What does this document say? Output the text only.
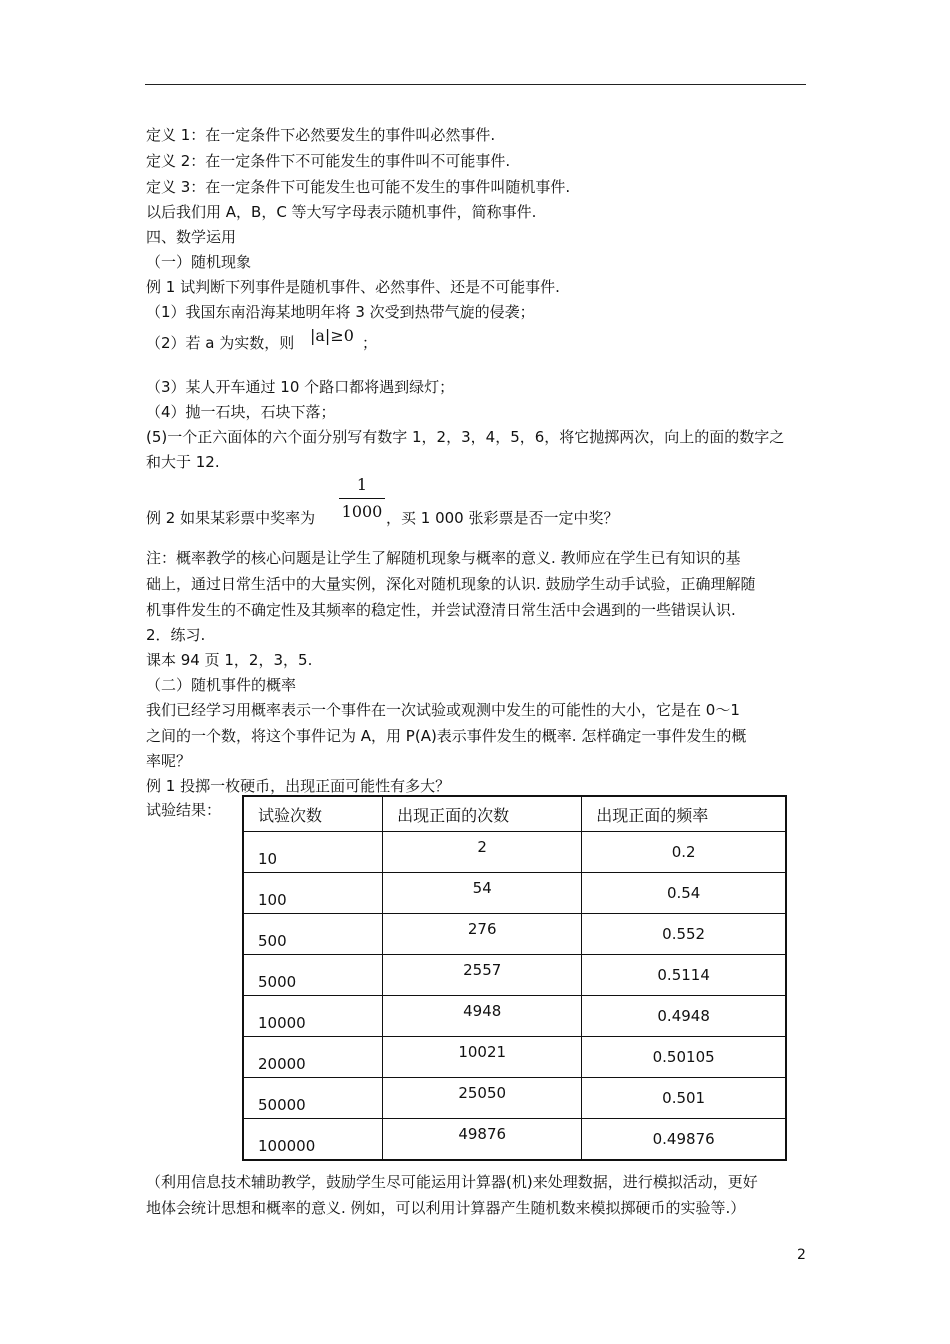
定义 1：在一定条件下必然要发生的事件叫必然事件.
定义 2：在一定条件下不可能发生的事件叫不可能事件.
定义 3：在一定条件下可能发生也可能不发生的事件叫随机事件.
以后我们用 A，B，C 等大写字母表示随机事件，简称事件.
四、数学运用
（一）随机现象
例 1 试判断下列事件是随机事件、必然事件、还是不可能事件.
（1）我国东南沿海某地明年将 3 次受到热带气旋的侵袭；
（2）若 a 为实数，则 |a|≥0 ；
（3）某人开车通过 10 个路口都将遇到绿灯；
（4）抛一石块，石块下落；
(5)一个正六面体的六个面分别写有数字 1，2，3，4，5，6，将它抛掷两次，向上的面的数字之
和大于 12.
例 2 如果某彩票中奖率为
1
1000 ，买 1 000 张彩票是否一定中奖？
注：概率教学的核心问题是让学生了解随机现象与概率的意义. 教师应在学生已有知识的基
础上，通过日常生活中的大量实例，深化对随机现象的认识. 鼓励学生动手试验，正确理解随
机事件发生的不确定性及其频率的稳定性，并尝试澄清日常生活中会遇到的一些错误认识.
2．练习.
课本 94 页 1，2，3，5.
（二）随机事件的概率
我们已经学习用概率表示一个事件在一次试验或观测中发生的可能性的大小，它是在 0～1
之间的一个数，将这个事件记为 A，用 P(A)表示事件发生的概率. 怎样确定一事件发生的概
率呢？
例 1 投掷一枚硬币，出现正面可能性有多大？
试验结果： 试验次数	出现正面的次数	出现正面的频率
10	2	0.2
100	54	0.54
500	276	0.552
5000	2557	0.5114
10000	4948	0.4948
20000	10021	0.50105
50000	25050	0.501
100000	49876	0.49876
（利用信息技术辅助教学，鼓励学生尽可能运用计算器(机)来处理数据，进行模拟活动，更好
地体会统计思想和概率的意义. 例如，可以利用计算器产生随机数来模拟掷硬币的实验等.）
2
